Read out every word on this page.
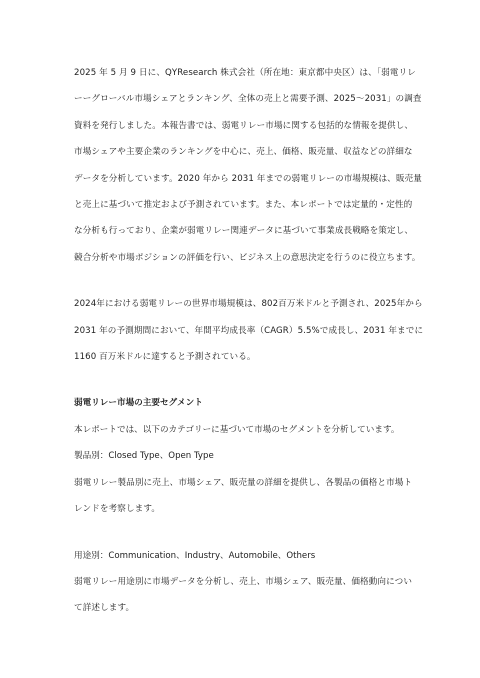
2025 年 5 月 9 日に、QYResearch 株式会社（所在地：東京都中央区）は、「弱電リレ
ーーグローバル市場シェアとランキング、全体の売上と需要予測、2025～2031」の調査
資料を発行しました。本報告書では、弱電リレー市場に関する包括的な情報を提供し、
市場シェアや主要企業のランキングを中心に、売上、価格、販売量、収益などの詳細な
データを分析しています。2020 年から 2031 年までの弱電リレーの市場規模は、販売量
と売上に基づいて推定および予測されています。また、本レポートでは定量的・定性的
な分析も行っており、企業が弱電リレー関連データに基づいて事業成長戦略を策定し、
競合分析や市場ポジションの評価を行い、ビジネス上の意思決定を行うのに役立ちます。

2024年における弱電リレーの世界市場規模は、802百万米ドルと予測され、2025年から
2031 年の予測期間において、年間平均成長率（CAGR）5.5%で成長し、2031 年までに
1160 百万米ドルに達すると予測されている。

弱電リレー市場の主要セグメント

本レポートでは、以下のカテゴリーに基づいて市場のセグメントを分析しています。

製品別：Closed Type、Open Type

弱電リレー製品別に売上、市場シェア、販売量の詳細を提供し、各製品の価格と市場ト
レンドを考察します。

用途別：Communication、Industry、Automobile、Others

弱電リレー用途別に市場データを分析し、売上、市場シェア、販売量、価格動向につい
て詳述します。
